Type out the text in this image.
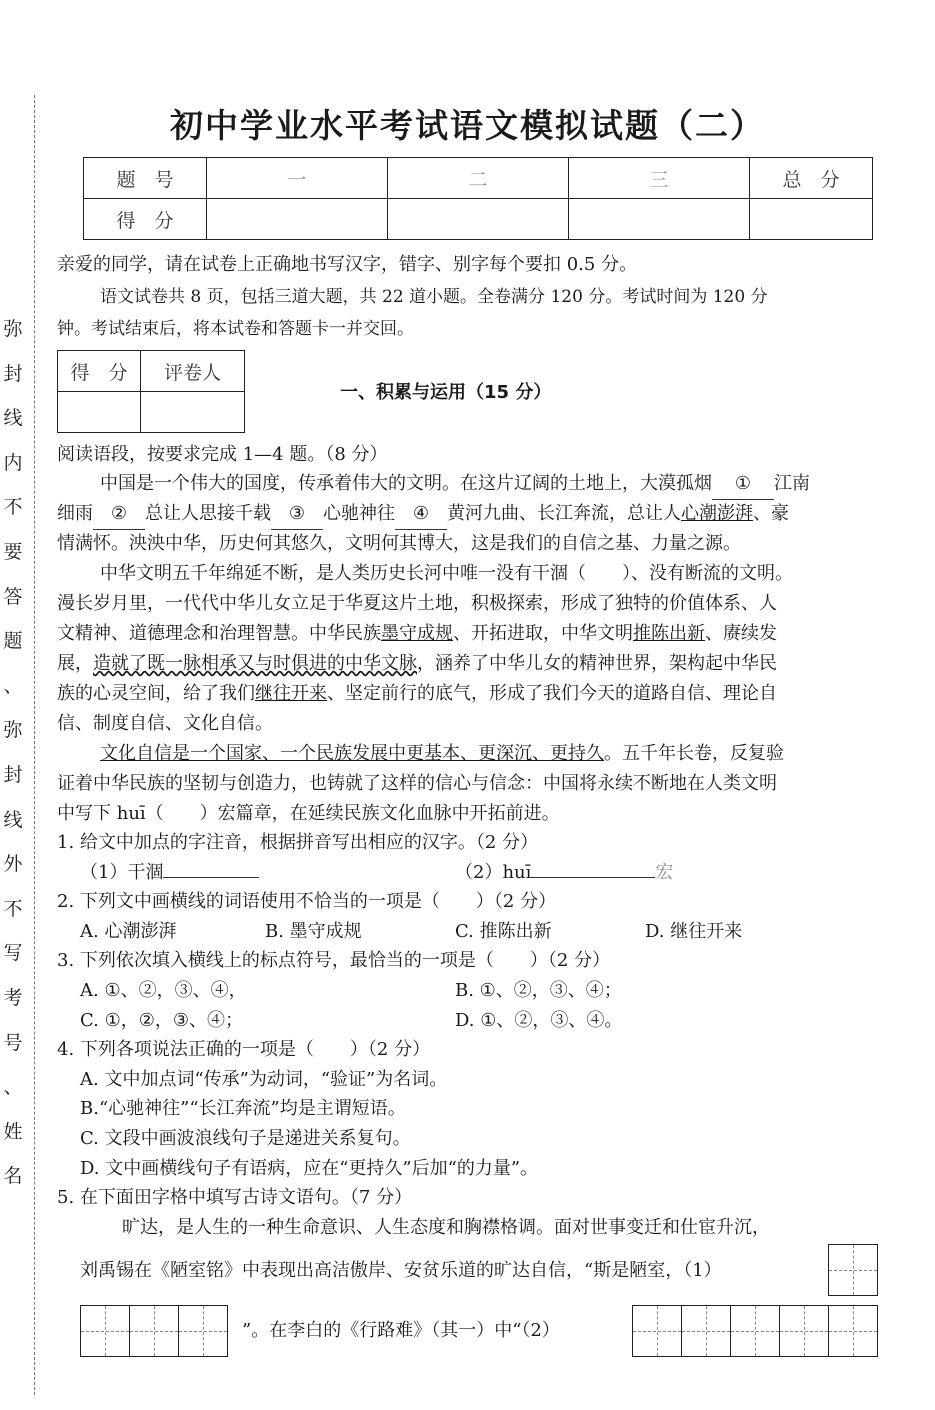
弥
封
线
内
不
要
答
题
、
弥
封
线
外
不
写
考
号
、
姓
名
初中学业水平考试语文模拟试题（二）
题　号	一	二	三	总　分
得　分				
亲爱的同学，请在试卷上正确地书写汉字，错字、别字每个要扣 0.5 分。
语文试卷共 8 页，包括三道大题，共 22 道小题。全卷满分 120 分。考试时间为 120 分
钟。考试结束后，将本试卷和答题卡一并交回。
得　分	评卷人

一、积累与运用（15 分）
阅读语段，按要求完成 1—4 题。（8 分）
中国是一个伟大的国度，传承着伟大的文明。在这片辽阔的土地上，大漠孤烟 ① 江南
细雨 ② 总让人思接千载 ③ 心驰神往 ④ 黄河九曲、长江奔流，总让人心潮澎湃、豪
情满怀。泱泱中华，历史何其悠久，文明何其博大，这是我们的自信之基、力量之源。
中华文明五千年绵延不断，是人类历史长河中唯一没有干涸（　　）、没有断流的文明。
漫长岁月里，一代代中华儿女立足于华夏这片土地，积极探索，形成了独特的价值体系、人
文精神、道德理念和治理智慧。中华民族墨守成规、开拓进取，中华文明推陈出新、赓续发
展，造就了既一脉相承又与时俱进的中华文脉，涵养了中华儿女的精神世界，架构起中华民
族的心灵空间，给了我们继往开来、坚定前行的底气，形成了我们今天的道路自信、理论自
信、制度自信、文化自信。
文化自信是一个国家、一个民族发展中更基本、更深沉、更持久。五千年长卷，反复验
证着中华民族的坚韧与创造力，也铸就了这样的信心与信念：中国将永续不断地在人类文明
中写下 huī（　　）宏篇章，在延续民族文化血脉中开拓前进。
1. 给文中加点的字注音，根据拼音写出相应的汉字。（2 分）
（1）干涸	（2）huī	宏
2. 下列文中画横线的词语使用不恰当的一项是（　　）（2 分）
A. 心潮澎湃	B. 墨守成规	C. 推陈出新	D. 继往开来
3. 下列依次填入横线上的标点符号，最恰当的一项是（　　）（2 分）
A. ①、②，③、④，	B. ①、②，③、④；
C. ①，②，③、④；	D. ①、②，③、④。
4. 下列各项说法正确的一项是（　　）（2 分）
A. 文中加点词“传承”为动词，“验证”为名词。
B.“心驰神往”“长江奔流”均是主谓短语。
C. 文段中画波浪线句子是递进关系复句。
D. 文中画横线句子有语病，应在“更持久”后加“的力量”。
5. 在下面田字格中填写古诗文语句。（7 分）
旷达，是人生的一种生命意识、人生态度和胸襟格调。面对世事变迁和仕宦升沉，
刘禹锡在《陋室铭》中表现出高洁傲岸、安贫乐道的旷达自信，“斯是陋室，（1）
”。在李白的《行路难》（其一）中“（2）
